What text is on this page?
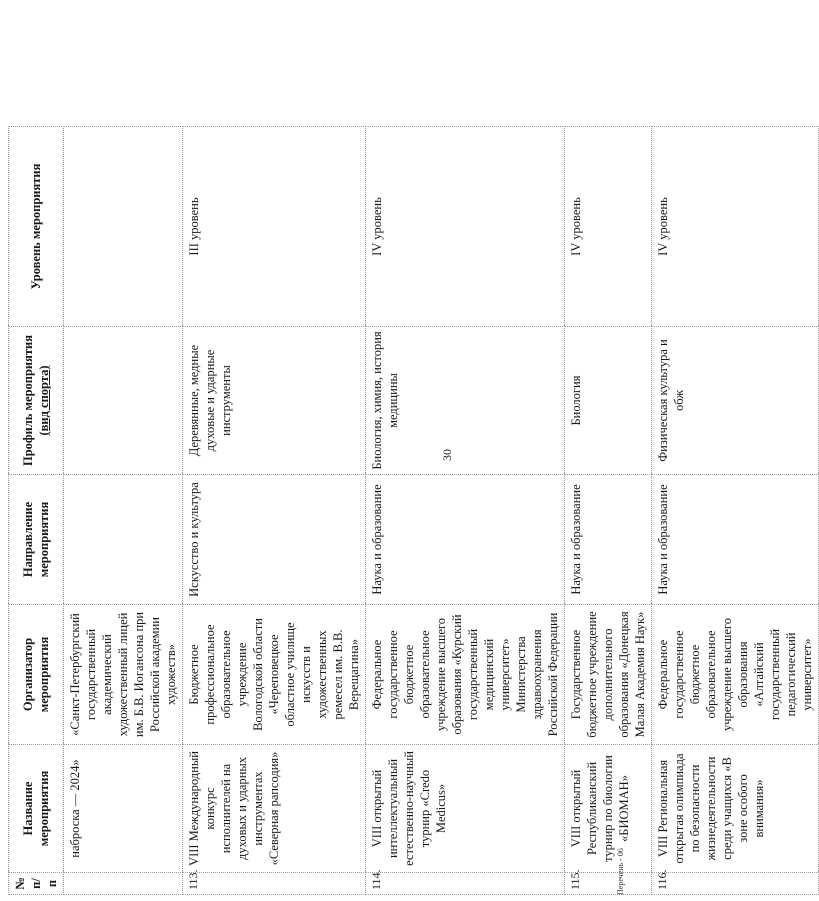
№ п/п	Название мероприятия	Организатор мероприятия	Направление мероприятия	Профиль мероприятия (вид спорта)	Уровень мероприятия
	наброска — 2024»	«Санкт-Петербургский государственный академический художественный лицей им. Б.В. Иогансона при Российской академии художеств»			
113.	VIII Международный конкурс исполнителей на духовых и ударных инструментах «Северная рапсодия»	Бюджетное профессиональное образовательное учреждение Вологодской области «Череповецкое областное училище искусств и художественных ремесел им. В.В. Верещагина»	Искусство и культура	Деревянные, медные духовые и ударные инструменты	III уровень
114.	VIII открытый интеллектуальный естественно-научный турнир «Credo Medicus»	Федеральное государственное бюджетное образовательное учреждение высшего образования «Курский государственный медицинский университет» Министерства здравоохранения Российской Федерации	Наука и образование	Биология, химия, история медицины	IV уровень
115.	VIII открытый Республиканский турнир по биологии «БИОМАН»	Государственное бюджетное учреждение дополнительного образования «Донецкая Малая Академия Наук»	Наука и образование	Биология	IV уровень
116.	VIII Региональная открытая олимпиада по безопасности жизнедеятельности среди учащихся «В зоне особого внимания»	Федеральное государственное бюджетное образовательное учреждение высшего образования «Алтайский государственный педагогический университет»	Наука и образование	Физическая культура и обж	IV уровень
30
Перечень - 06
